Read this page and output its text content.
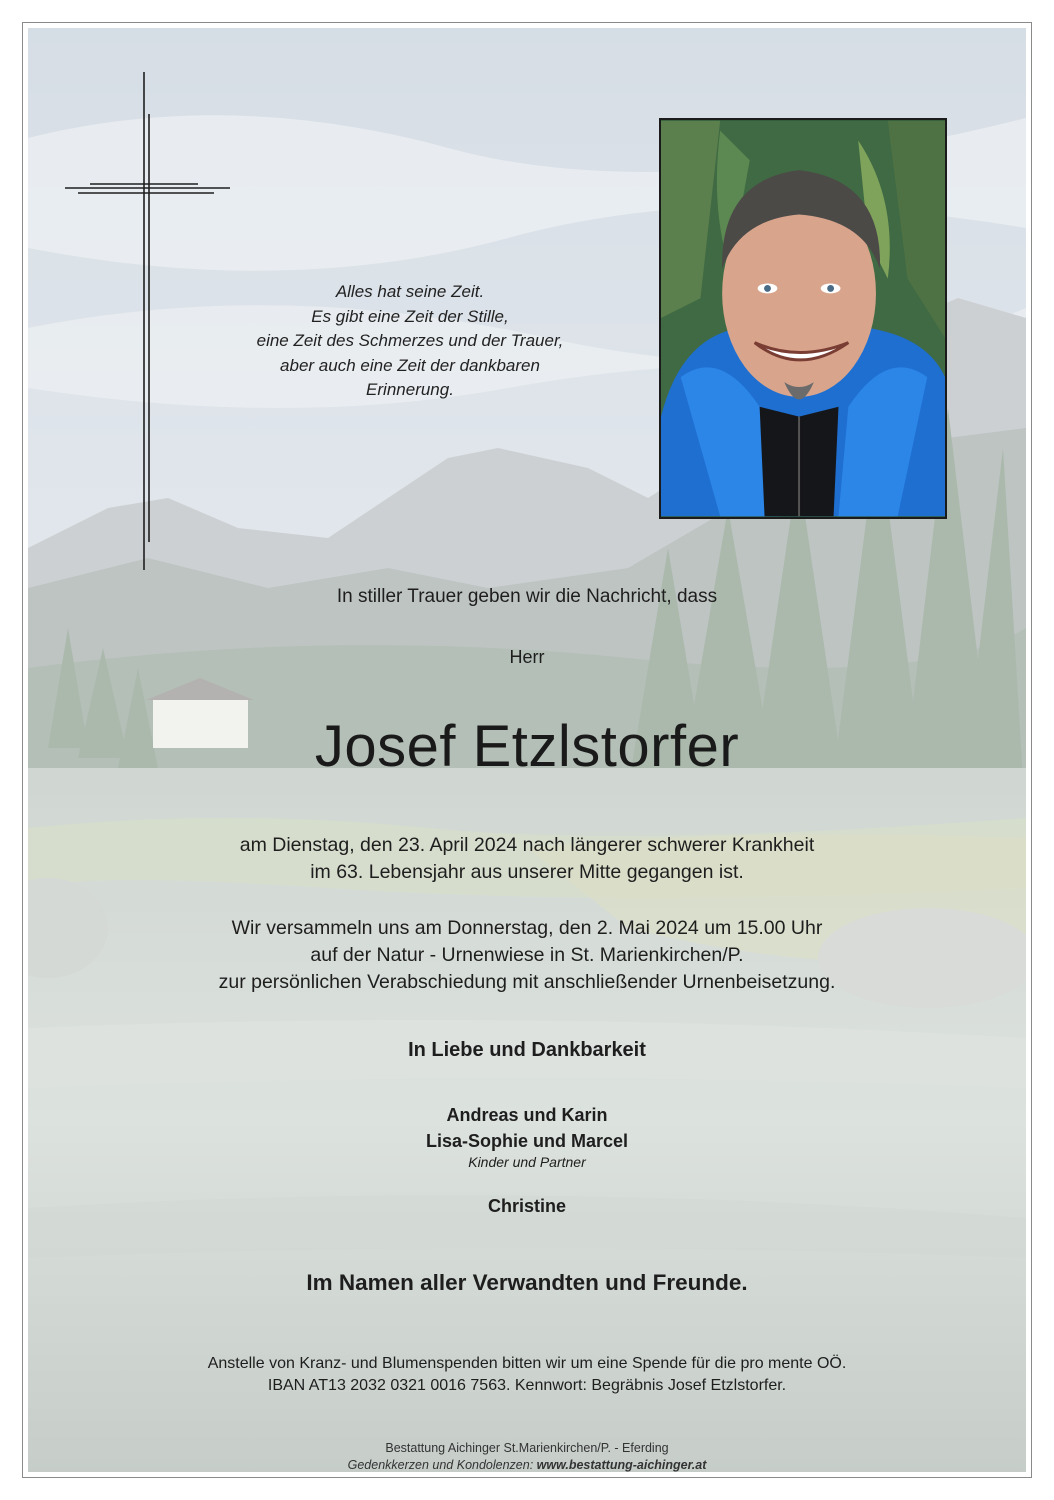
Alles hat seine Zeit.
Es gibt eine Zeit der Stille,
eine Zeit des Schmerzes und der Trauer,
aber auch eine Zeit der dankbaren
Erinnerung.
In stiller Trauer geben wir die Nachricht, dass
Herr
Josef Etzlstorfer
am Dienstag, den 23. April 2024 nach längerer schwerer Krankheit
im 63. Lebensjahr aus unserer Mitte gegangen ist.
Wir versammeln uns am Donnerstag, den 2. Mai 2024 um 15.00 Uhr
auf der Natur - Urnenwiese in St. Marienkirchen/P.
zur persönlichen Verabschiedung mit anschließender Urnenbeisetzung.
In Liebe und Dankbarkeit
Andreas und Karin
Lisa-Sophie und Marcel
Kinder und Partner
Christine
Im Namen aller Verwandten und Freunde.
Anstelle von Kranz- und Blumenspenden bitten wir um eine Spende für die pro mente OÖ.
IBAN AT13 2032 0321 0016 7563. Kennwort: Begräbnis Josef Etzlstorfer.
Bestattung Aichinger St.Marienkirchen/P. - Eferding
Gedenkkerzen und Kondolenzen: www.bestattung-aichinger.at
